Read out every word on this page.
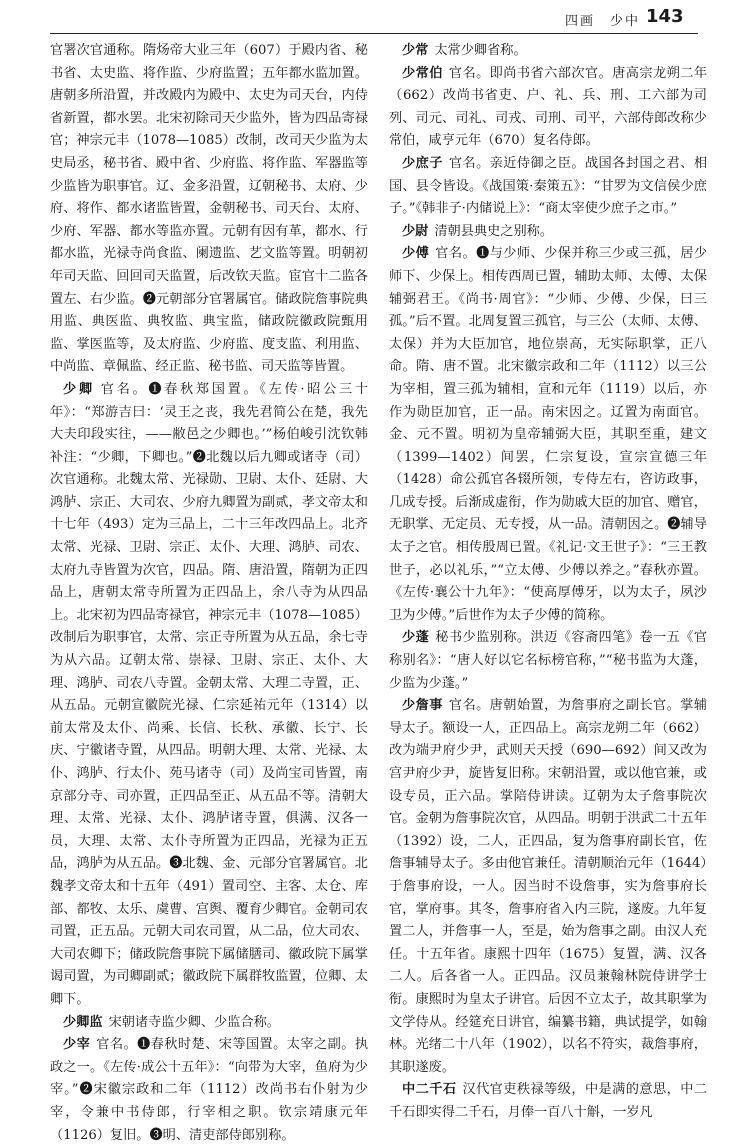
四画　少中 143

官署次官通称。隋炀帝大业三年（607）于殿内省、秘书省、太史监、将作监、少府监置；五年都水监加置。唐朝多所沿置，并改殿内为殿中、太史为司天台，内侍省新置，都水罢。北宋初除司天少监外，皆为四品寄禄官；神宗元丰（1078—1085）改制，改司天少监为太史局丞，秘书省、殿中省、少府监、将作监、军器监等少监皆为职事官。辽、金多沿置，辽朝秘书、太府、少府、将作、都水诸监皆置，金朝秘书、司天台、太府、少府、军器、都水等监亦置。元朝有因有革，都水、行都水监，光禄寺尚食监、阑遗监、艺文监等置。明朝初年司天监、回回司天监置，后改钦天监。宦官十二监各置左、右少监。❷元朝部分官署属官。储政院詹事院典用监、典医监、典牧监、典宝监，储政院徽政院甄用监、掌医监等，及太府监、少府监、度支监、利用监、中尚监、章佩监、经正监、秘书监、司天监等皆置。

少卿 官名。❶春秋郑国置。《左传·昭公三十年》：“郑游吉曰：‘灵王之丧，我先君简公在楚，我先大夫印段实往，——敝邑之少卿也。’”杨伯峻引沈钦韩补注：“少卿，下卿也。”❷北魏以后九卿或诸寺（司）次官通称。北魏太常、光禄勋、卫尉、太仆、廷尉、大鸿胪、宗正、大司农、少府九卿置为副贰，孝文帝太和十七年（493）定为三品上，二十三年改四品上。北齐太常、光禄、卫尉、宗正、太仆、大理、鸿胪、司农、太府九寺皆置为次官，四品。隋、唐沿置，隋朝为正四品上，唐朝太常寺所置为正四品上，余八寺为从四品上。北宋初为四品寄禄官，神宗元丰（1078—1085）改制后为职事官，太常、宗正寺所置为从五品，余七寺为从六品。辽朝太常、崇禄、卫尉、宗正、太仆、大理、鸿胪、司农八寺置。金朝太常、大理二寺置，正、从五品。元朝宣徽院光禄、仁宗延祐元年（1314）以前太常及太仆、尚乘、长信、长秋、承徽、长宁、长庆、宁徽诸寺置，从四品。明朝大理、太常、光禄、太仆、鸿胪、行太仆、苑马诸寺（司）及尚宝司皆置，南京部分寺、司亦置，正四品至正、从五品不等。清朝大理、太常、光禄、太仆、鸿胪诸寺置，俱满、汉各一员，大理、太常、太仆寺所置为正四品，光禄为正五品，鸿胪为从五品。❸北魏、金、元部分官署属官。北魏孝文帝太和十五年（491）置司空、主客、太仓、库部、都牧、太乐、虞曹、宫舆、覆育少卿官。金朝司农司置，正五品。元朝大司农司置，从二品，位大司农、大司农卿下；储政院詹事院下属储膳司、徽政院下属掌谒司置，为司卿副贰；徽政院下属群牧监置，位卿、太卿下。

少卿监 宋朝诸寺监少卿、少监合称。

少宰 官名。❶春秋时楚、宋等国置。太宰之副。执政之一。《左传·成公十五年》：“向带为大宰，鱼府为少宰。”❷宋徽宗政和二年（1112）改尚书右仆射为少宰，令兼中书侍郎，行宰相之职。钦宗靖康元年（1126）复旧。❸明、清吏部侍郎别称。

少常 太常少卿省称。

少常伯 官名。即尚书省六部次官。唐高宗龙朔二年（662）改尚书省吏、户、礼、兵、刑、工六部为司列、司元、司礼、司戎、司刑、司平，六部侍郎改称少常伯，咸亨元年（670）复名侍郎。

少庶子 官名。亲近侍御之臣。战国各封国之君、相国、县令皆设。《战国策·秦策五》：“甘罗为文信侯少庶子。”《韩非子·内储说上》：“商太宰使少庶子之市。”

少尉 清朝县典史之别称。

少傅 官名。❶与少师、少保并称三少或三孤，居少师下、少保上。相传西周已置，辅助太师、太傅、太保辅弼君王。《尚书·周官》：“少师、少傅、少保，曰三孤。”后不置。北周复置三孤官，与三公（太师、太傅、太保）并为大臣加官，地位崇高，无实际职掌，正八命。隋、唐不置。北宋徽宗政和二年（1112）以三公为宰相，置三孤为辅相，宣和元年（1119）以后，亦作为勋臣加官，正一品。南宋因之。辽置为南面官。金、元不置。明初为皇帝辅弼大臣，其职至重，建文（1399—1402）间罢，仁宗复设，宣宗宣德三年（1428）命公孤官各辍所领，专侍左右，咨访政事，几成专授。后渐成虚衔，作为勋戚大臣的加官、赠官，无职掌、无定员、无专授，从一品。清朝因之。❷辅导太子之官。相传殷周已置。《礼记·文王世子》：“三王教世子，必以礼乐，”“立太傅、少傅以养之。”春秋亦置。《左传·襄公十九年》：“使高厚傅牙，以为太子，夙沙卫为少傅。”后世作为太子少傅的简称。

少蓬 秘书少监别称。洪迈《容斋四笔》卷一五《官称别名》：“唐人好以它名标榜官称，”“秘书监为大蓬，少监为少蓬。”

少詹事 官名。唐朝始置，为詹事府之副长官。掌辅导太子。额设一人，正四品上。高宗龙朔二年（662）改为端尹府少尹，武则天天授（690—692）间又改为宫尹府少尹，旋皆复旧称。宋朝沿置，或以他官兼，或设专员，正六品。掌陪侍讲读。辽朝为太子詹事院次官。金朝为詹事院次官，从四品。明朝于洪武二十五年（1392）设，二人，正四品，复为詹事府副长官，佐詹事辅导太子。多由他官兼任。清朝顺治元年（1644）于詹事府设，一人。因当时不设詹事，实为詹事府长官，掌府事。其冬，詹事府省入内三院，遂废。九年复置二人，并詹事一人，至是，始为詹事之副。由汉人充任。十五年省。康熙十四年（1675）复置，满、汉各二人。后各省一人。正四品。汉员兼翰林院侍讲学士衔。康熙时为皇太子讲官。后因不立太子，故其职掌为文学侍从。经筵充日讲官，编纂书籍，典试提学，如翰林。光绪二十八年（1902），以名不符实，裁詹事府，其职遂废。

中二千石 汉代官吏秩禄等级，中是满的意思，中二千石即实得二千石，月俸一百八十斛，一岁凡
